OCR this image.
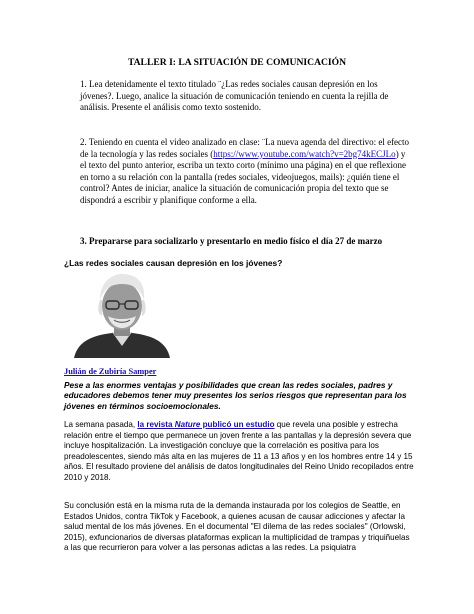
TALLER I: LA SITUACIÓN DE COMUNICACIÓN
1. Lea detenidamente el texto titulado ¨¿Las redes sociales causan depresión en los jóvenes?. Luego, analice la situación de comunicación teniendo en cuenta la rejilla de análisis. Presente el análisis como texto sostenido.
2. Teniendo en cuenta el video analizado en clase: ¨La nueva agenda del directivo: el efecto de la tecnología y las redes sociales (https://www.youtube.com/watch?v=2bg74kECJLo) y el texto del punto anterior, escriba un texto corto (mínimo una página) en el que reflexione en torno a su relación con la pantalla (redes sociales, videojuegos, mails): ¿quién tiene el control? Antes de iniciar, analice la situación de comunicación propia del texto que se dispondrá a escribir y planifique conforme a ella.
3. Prepararse para socializarlo y presentarlo en medio físico el día 27 de marzo
¿Las redes sociales causan depresión en los jóvenes?
Julián de Zubiría Samper
Pese a las enormes ventajas y posibilidades que crean las redes sociales, padres y educadores debemos tener muy presentes los serios riesgos que representan para los jóvenes en términos socioemocionales.
La semana pasada, la revista Nature publicó un estudio que revela una posible y estrecha relación entre el tiempo que permanece un joven frente a las pantallas y la depresión severa que incluye hospitalización. La investigación concluye que la correlación es positiva para los preadolescentes, siendo más alta en las mujeres de 11 a 13 años y en los hombres entre 14 y 15 años. El resultado proviene del análisis de datos longitudinales del Reino Unido recopilados entre 2010 y 2018.
Su conclusión está en la misma ruta de la demanda instaurada por los colegios de Seattle, en Estados Unidos, contra TikTok y Facebook, a quienes acusan de causar adicciones y afectar la salud mental de los más jóvenes. En el documental "El dilema de las redes sociales" (Orlowski, 2015), exfuncionarios de diversas plataformas explican la multiplicidad de trampas y triquiñuelas a las que recurrieron para volver a las personas adictas a las redes. La psiquiatra
